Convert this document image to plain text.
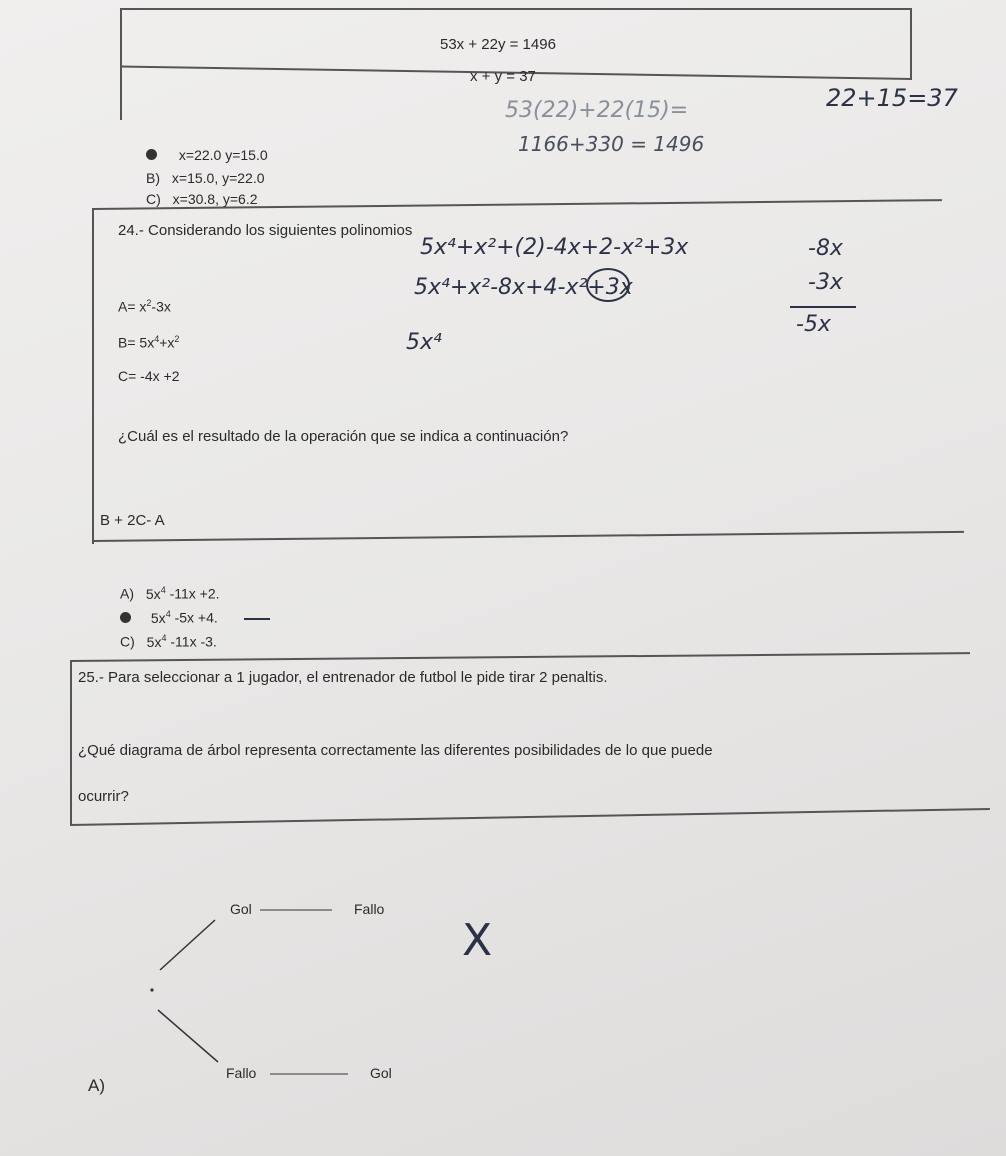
53x + 22y = 1496
x + y = 37
53(22)+22(15)=	22+15=37
1166+330 = 1496
x=22.0 y=15.0
B) x=15.0, y=22.0
C) x=30.8, y=6.2
24.- Considerando los siguientes polinomios
$A= x^2-3x$
$B= 5x^4+x^2$
C= -4x +2
5x⁴+x²+(2)-4x+2-x²+3x
5x⁴+x²-8x+4-x²+3x
5x⁴
-8x
-3x
-5x
¿Cuál es el resultado de la operación que se indica a continuación?
B + 2C- A
A) $5x^4$ -11x +2.
$5x^4$ -5x +4.
C) $5x^4$ -11x -3.
25.- Para seleccionar a 1 jugador, el entrenador de futbol le pide tirar 2 penaltis.
¿Qué diagrama de árbol representa correctamente las diferentes posibilidades de lo que puede
ocurrir?
Gol	Fallo
Fallo	Gol
X
A)
